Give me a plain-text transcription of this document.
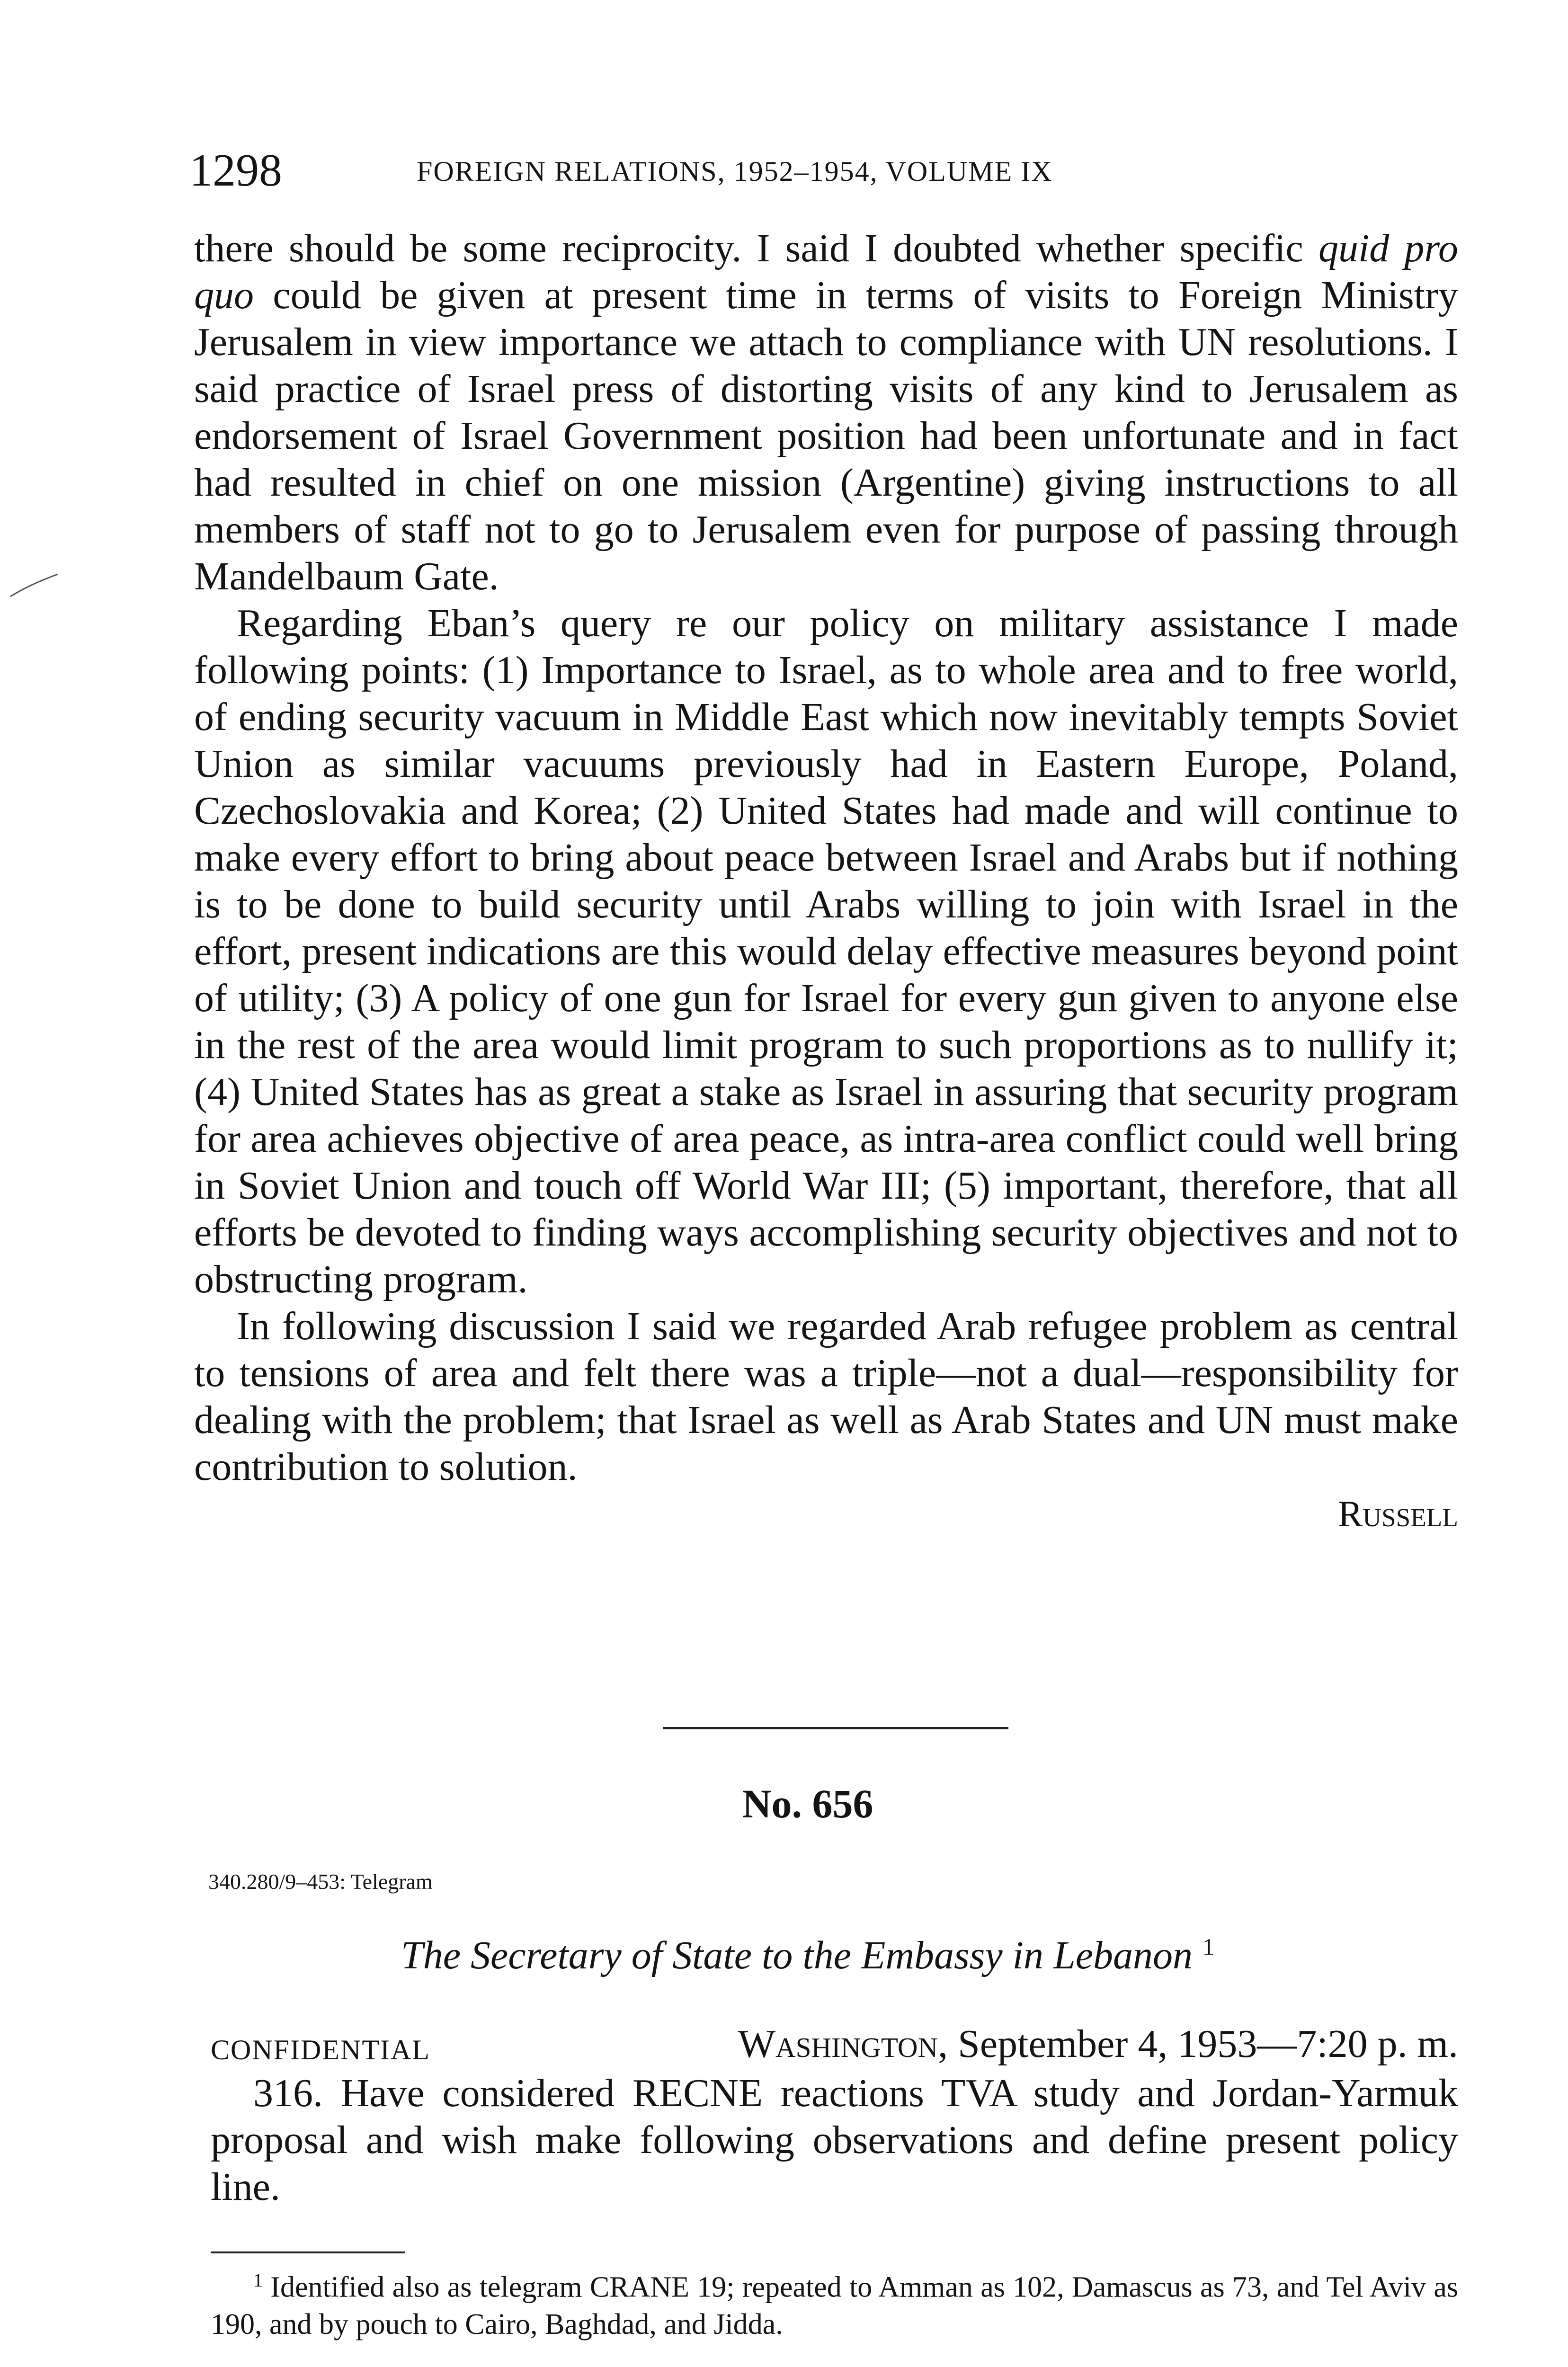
1298	FOREIGN RELATIONS, 1952–1954, VOLUME IX

there should be some reciprocity. I said I doubted whether specific quid pro quo could be given at present time in terms of visits to Foreign Ministry Jerusalem in view importance we attach to compliance with UN resolutions. I said practice of Israel press of distorting visits of any kind to Jerusalem as endorsement of Israel Government position had been unfortunate and in fact had resulted in chief on one mission (Argentine) giving instructions to all members of staff not to go to Jerusalem even for purpose of passing through Mandelbaum Gate.

Regarding Eban’s query re our policy on military assistance I made following points: (1) Importance to Israel, as to whole area and to free world, of ending security vacuum in Middle East which now inevitably tempts Soviet Union as similar vacuums previously had in Eastern Europe, Poland, Czechoslovakia and Korea; (2) United States had made and will continue to make every effort to bring about peace between Israel and Arabs but if nothing is to be done to build security until Arabs willing to join with Israel in the effort, present indications are this would delay effective measures beyond point of utility; (3) A policy of one gun for Israel for every gun given to anyone else in the rest of the area would limit program to such proportions as to nullify it; (4) United States has as great a stake as Israel in assuring that security program for area achieves objective of area peace, as intra-area conflict could well bring in Soviet Union and touch off World War III; (5) important, therefore, that all efforts be devoted to finding ways accomplishing security objectives and not to obstructing program.

In following discussion I said we regarded Arab refugee problem as central to tensions of area and felt there was a triple—not a dual—responsibility for dealing with the problem; that Israel as well as Arab States and UN must make contribution to solution.

Russell

No. 656
340.280/9–453: Telegram
The Secretary of State to the Embassy in Lebanon $^1$
CONFIDENTIAL	Washington, September 4, 1953—7:20 p. m.

316. Have considered RECNE reactions TVA study and Jordan-Yarmuk proposal and wish make following observations and define present policy line.

$^1$ Identified also as telegram CRANE 19; repeated to Amman as 102, Damascus as 73, and Tel Aviv as 190, and by pouch to Cairo, Baghdad, and Jidda.
